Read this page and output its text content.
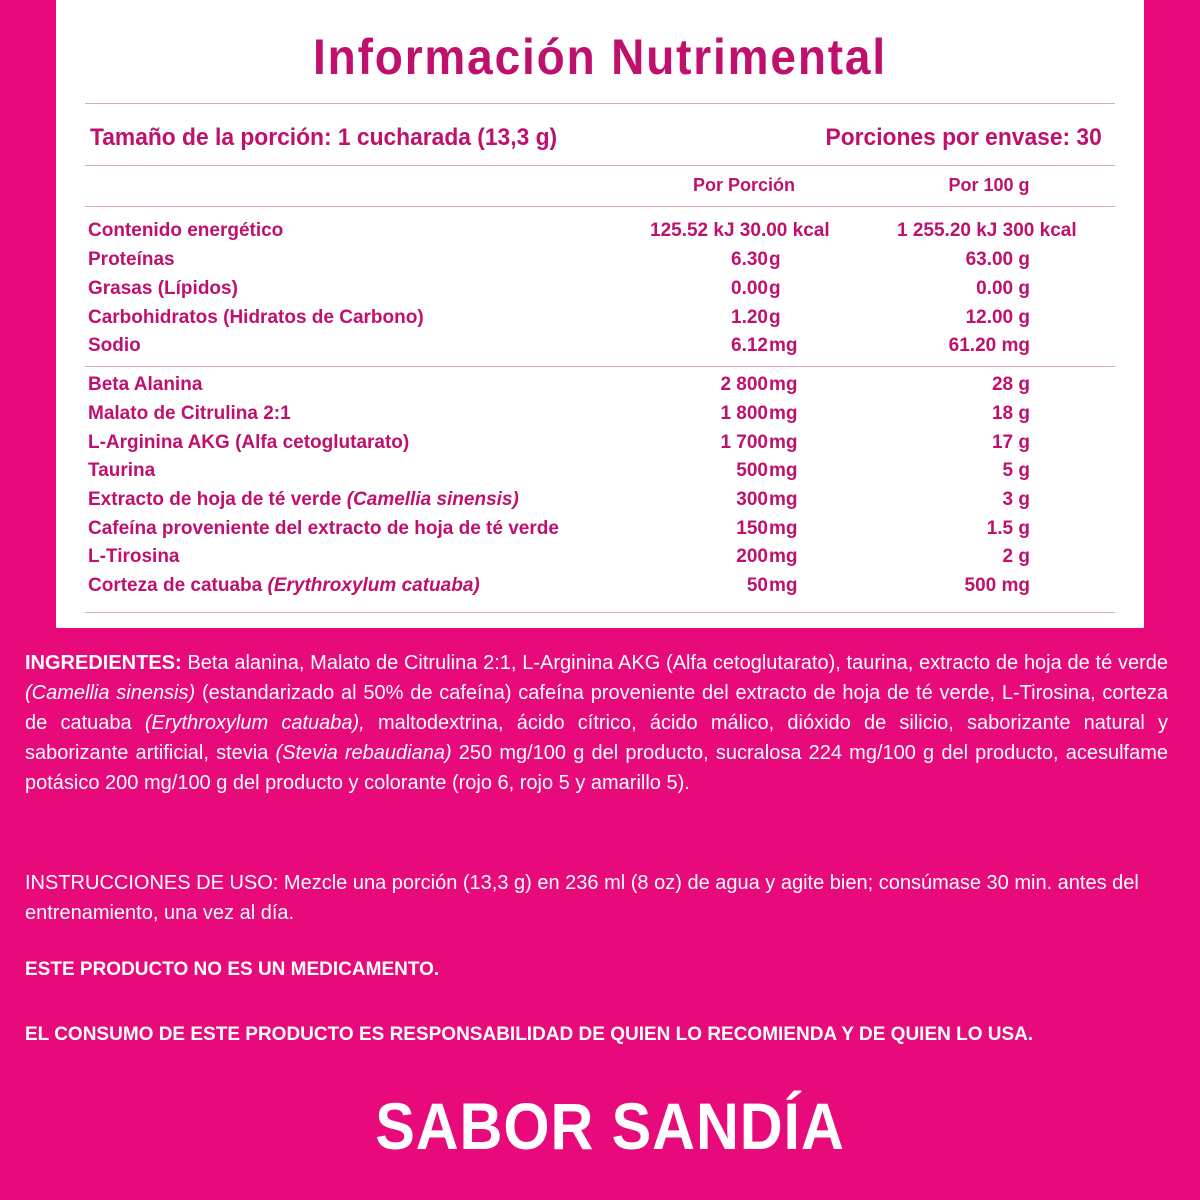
Información Nutrimental
Tamaño de la porción: 1 cucharada (13,3 g)	Porciones por envase: 30
Por Porción	Por 100 g
Contenido energético	125.52 kJ 30.00 kcal	1 255.20 kJ 300 kcal
Proteínas	6.30 g	63.00 g
Grasas (Lípidos)	0.00 g	0.00 g
Carbohidratos (Hidratos de Carbono)	1.20 g	12.00 g
Sodio	6.12 mg	61.20 mg
Beta Alanina	2 800 mg	28 g
Malato de Citrulina 2:1	1 800 mg	18 g
L-Arginina AKG (Alfa cetoglutarato)	1 700 mg	17 g
Taurina	500 mg	5 g
Extracto de hoja de té verde (Camellia sinensis)	300 mg	3 g
Cafeína proveniente del extracto de hoja de té verde	150 mg	1.5 g
L-Tirosina	200 mg	2 g
Corteza de catuaba (Erythroxylum catuaba)	50 mg	500 mg
INGREDIENTES: Beta alanina, Malato de Citrulina 2:1, L-Arginina AKG (Alfa cetoglutarato), taurina, extracto de hoja de té verde (Camellia sinensis) (estandarizado al 50% de cafeína) cafeína proveniente del extracto de hoja de té verde, L-Tirosina, corteza de catuaba (Erythroxylum catuaba), maltodextrina, ácido cítrico, ácido málico, dióxido de silicio, saborizante natural y saborizante artificial, stevia (Stevia rebaudiana) 250 mg/100 g del producto, sucralosa 224 mg/100 g del producto, acesulfame potásico 200 mg/100 g del producto y colorante (rojo 6, rojo 5 y amarillo 5).
INSTRUCCIONES DE USO: Mezcle una porción (13,3 g) en 236 ml (8 oz) de agua y agite bien; consúmase 30 min. antes del entrenamiento, una vez al día.
ESTE PRODUCTO NO ES UN MEDICAMENTO.
EL CONSUMO DE ESTE PRODUCTO ES RESPONSABILIDAD DE QUIEN LO RECOMIENDA Y DE QUIEN LO USA.
SABOR SANDÍA
